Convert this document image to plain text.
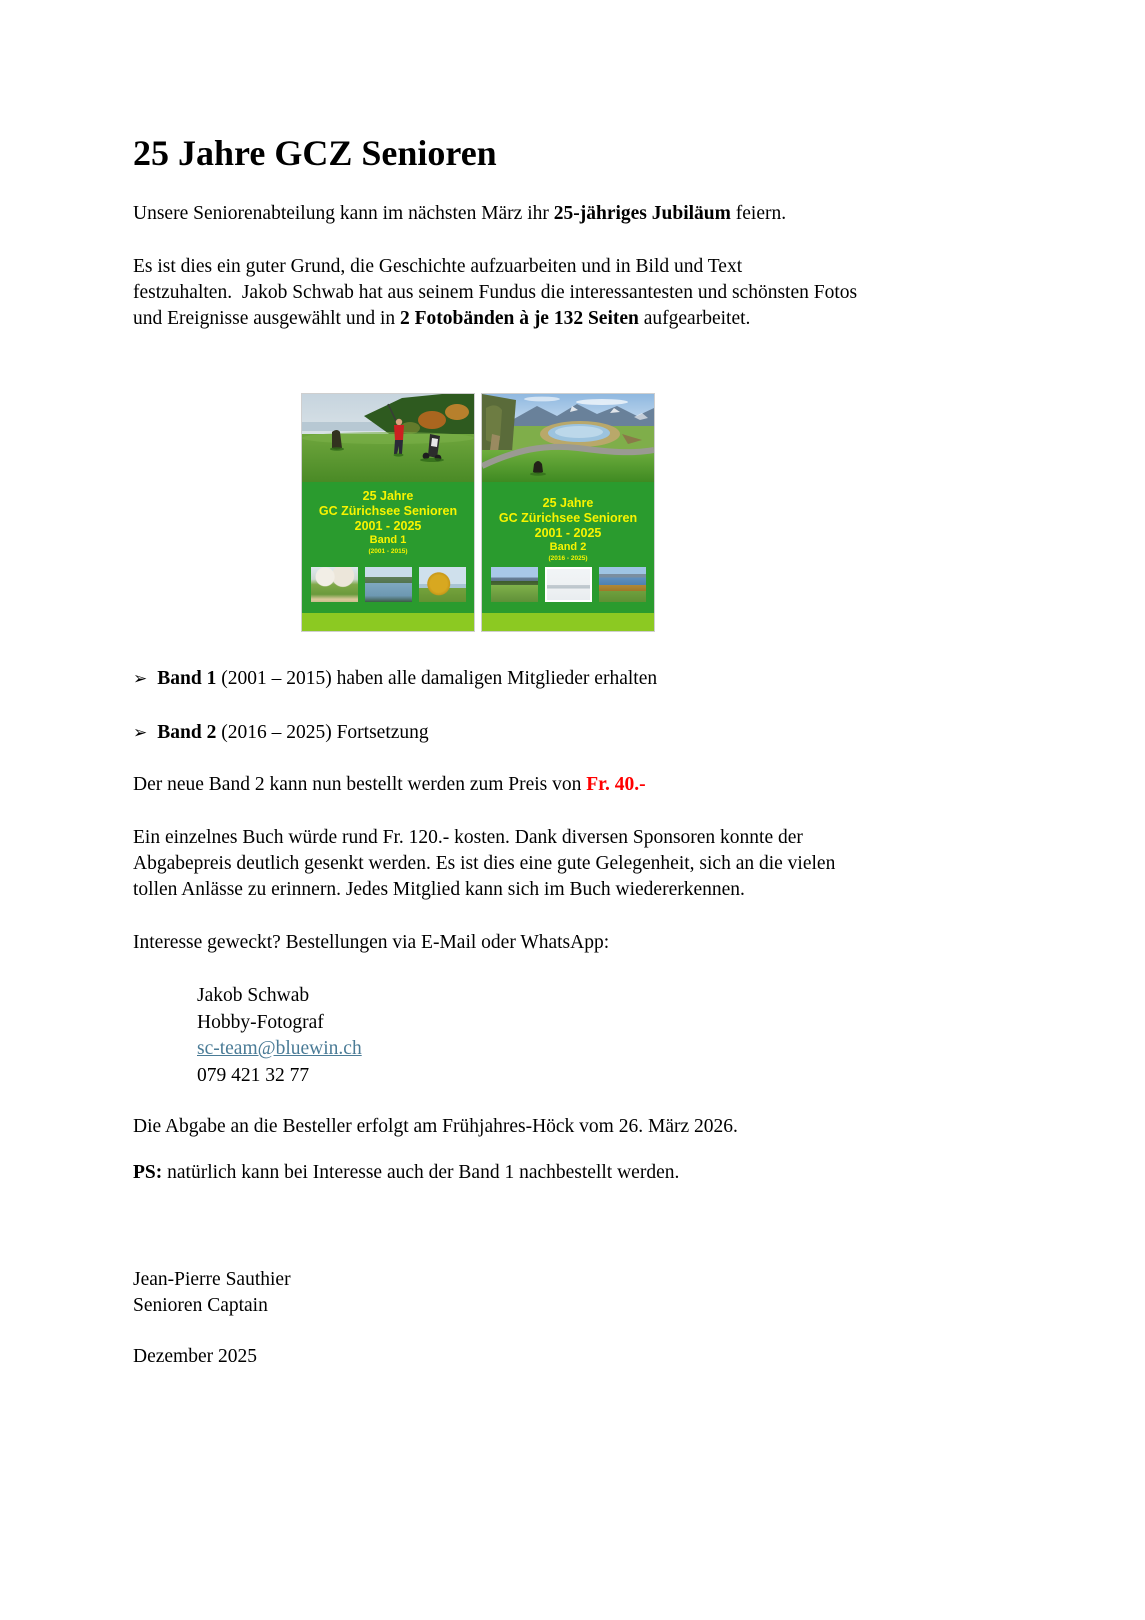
25 Jahre GCZ Senioren

Unsere Seniorenabteilung kann im nächsten März ihr 25-jähriges Jubiläum feiern.

Es ist dies ein guter Grund, die Geschichte aufzuarbeiten und in Bild und Text
festzuhalten.  Jakob Schwab hat aus seinem Fundus die interessantesten und schönsten Fotos
und Ereignisse ausgewählt und in 2 Fotobänden à je 132 Seiten aufgearbeitet.

25 Jahre
GC Zürichsee Senioren
2001 - 2025
Band 1
(2001 - 2015)
25 Jahre
GC Zürichsee Senioren
2001 - 2025
Band 2
(2016 - 2025)
➢ Band 1 (2001 – 2015) haben alle damaligen Mitglieder erhalten
➢ Band 2 (2016 – 2025) Fortsetzung

Der neue Band 2 kann nun bestellt werden zum Preis von Fr. 40.-

Ein einzelnes Buch würde rund Fr. 120.- kosten. Dank diversen Sponsoren konnte der
Abgabepreis deutlich gesenkt werden. Es ist dies eine gute Gelegenheit, sich an die vielen
tollen Anlässe zu erinnern. Jedes Mitglied kann sich im Buch wiedererkennen.

Interesse geweckt? Bestellungen via E-Mail oder WhatsApp:

Jakob Schwab
Hobby-Fotograf
sc-team@bluewin.ch
079 421 32 77

Die Abgabe an die Besteller erfolgt am Frühjahres-Höck vom 26. März 2026.

PS: natürlich kann bei Interesse auch der Band 1 nachbestellt werden.

Jean-Pierre Sauthier
Senioren Captain
Dezember 2025
